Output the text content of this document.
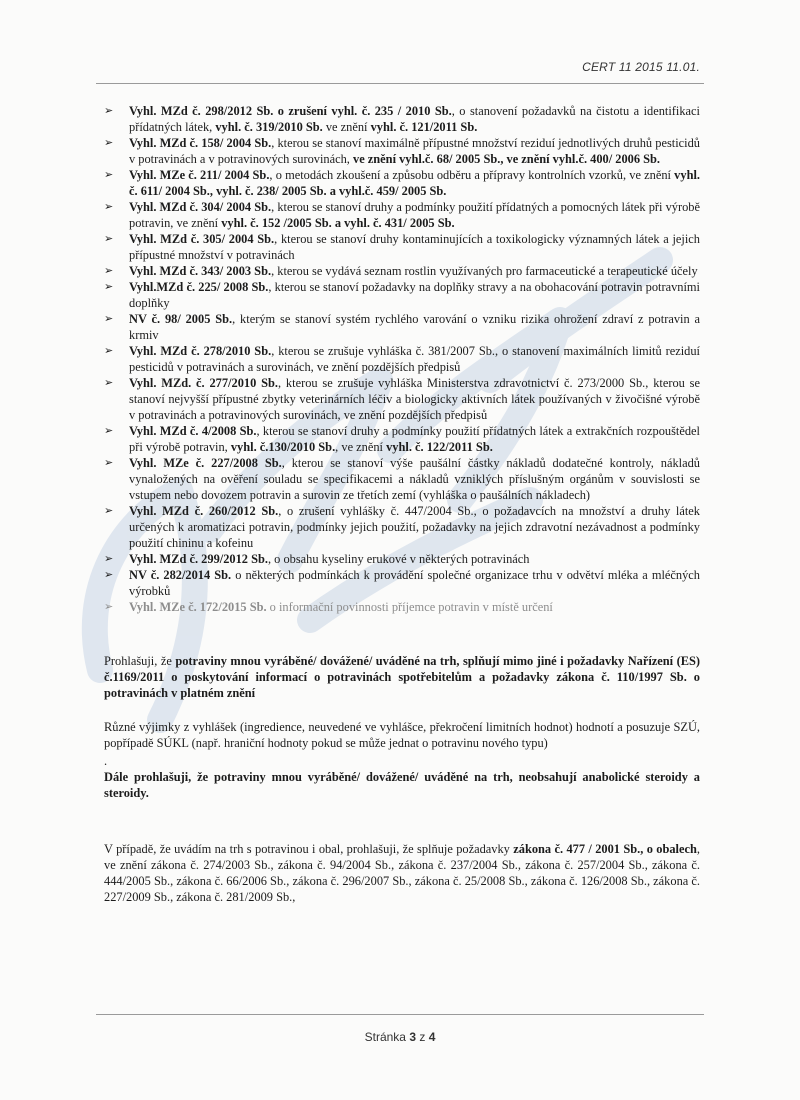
CERT 11 2015 11.01.
➢ Vyhl. MZd č. 298/2012 Sb. o zrušení vyhl. č. 235 / 2010 Sb., o stanovení požadavků na čistotu a identifikaci přídatných látek, vyhl. č. 319/2010 Sb. ve znění vyhl. č. 121/2011 Sb.
➢ Vyhl. MZd č. 158/ 2004 Sb., kterou se stanoví maximálně přípustné množství reziduí jednotlivých druhů pesticidů v potravinách a v potravinových surovinách, ve znění vyhl.č. 68/ 2005 Sb., ve znění vyhl.č. 400/ 2006 Sb.
➢ Vyhl. MZe č. 211/ 2004 Sb., o metodách zkoušení a způsobu odběru a přípravy kontrolních vzorků, ve znění vyhl. č. 611/ 2004 Sb., vyhl. č. 238/ 2005 Sb. a vyhl.č. 459/ 2005 Sb.
➢ Vyhl. MZd č. 304/ 2004 Sb., kterou se stanoví druhy a podmínky použití přídatných a pomocných látek při výrobě potravin, ve znění vyhl. č. 152 /2005 Sb. a vyhl. č. 431/ 2005 Sb.
➢ Vyhl. MZd č. 305/ 2004 Sb., kterou se stanoví druhy kontaminujících a toxikologicky významných látek a jejich přípustné množství v potravinách
➢ Vyhl. MZd č. 343/ 2003 Sb., kterou se vydává seznam rostlin využívaných pro farmaceutické a terapeutické účely
➢ Vyhl.MZd č. 225/ 2008 Sb., kterou se stanoví požadavky na doplňky stravy a na obohacování potravin potravními doplňky
➢ NV č. 98/ 2005 Sb., kterým se stanoví systém rychlého varování o vzniku rizika ohrožení zdraví z potravin a krmiv
➢ Vyhl. MZd č. 278/2010 Sb., kterou se zrušuje vyhláška č. 381/2007 Sb., o stanovení maximálních limitů reziduí pesticidů v potravinách a surovinách, ve znění pozdějších předpisů
➢ Vyhl. MZd. č. 277/2010 Sb., kterou se zrušuje vyhláška Ministerstva zdravotnictví č. 273/2000 Sb., kterou se stanoví nejvyšší přípustné zbytky veterinárních léčiv a biologicky aktivních látek používaných v živočišné výrobě v potravinách a potravinových surovinách, ve znění pozdějších předpisů
➢ Vyhl. MZd č. 4/2008 Sb., kterou se stanoví druhy a podmínky použití přídatných látek a extrakčních rozpouštědel při výrobě potravin, vyhl. č.130/2010 Sb., ve znění vyhl. č. 122/2011 Sb.
➢ Vyhl. MZe č. 227/2008 Sb., kterou se stanoví výše paušální částky nákladů dodatečné kontroly, nákladů vynaložených na ověření souladu se specifikacemi a nákladů vzniklých příslušným orgánům v souvislosti se vstupem nebo dovozem potravin a surovin ze třetích zemí (vyhláška o paušálních nákladech)
➢ Vyhl. MZd č. 260/2012 Sb., o zrušení vyhlášky č. 447/2004 Sb., o požadavcích na množství a druhy látek určených k aromatizaci potravin, podmínky jejich použití, požadavky na jejich zdravotní nezávadnost a podmínky použití chininu a kofeinu
➢ Vyhl. MZd č. 299/2012 Sb., o obsahu kyseliny erukové v některých potravinách
➢ NV č. 282/2014 Sb. o některých podmínkách k provádění společné organizace trhu v odvětví mléka a mléčných výrobků
➢ Vyhl. MZe č. 172/2015 Sb. o informační povinnosti příjemce potravin v místě určení

Prohlašuji, že potraviny mnou vyráběné/ dovážené/ uváděné na trh, splňují mimo jiné i požadavky Nařízení (ES) č.1169/2011 o poskytování informací o potravinách spotřebitelům a požadavky zákona č. 110/1997 Sb. o potravinách v platném znění

Různé výjimky z vyhlášek (ingredience, neuvedené ve vyhlášce, překročení limitních hodnot) hodnotí a posuzuje SZÚ, popřípadě SÚKL (např. hraniční hodnoty pokud se může jednat o potravinu nového typu)

.

Dále prohlašuji, že potraviny mnou vyráběné/ dovážené/ uváděné na trh, neobsahují anabolické steroidy a steroidy.

V případě, že uvádím na trh s potravinou i obal, prohlašuji, že splňuje požadavky zákona č. 477 / 2001 Sb., o obalech, ve znění zákona č. 274/2003 Sb., zákona č. 94/2004 Sb., zákona č. 237/2004 Sb., zákona č. 257/2004 Sb., zákona č. 444/2005 Sb., zákona č. 66/2006 Sb., zákona č. 296/2007 Sb., zákona č. 25/2008 Sb., zákona č. 126/2008 Sb., zákona č. 227/2009 Sb., zákona č. 281/2009 Sb.,

Stránka 3 z 4
